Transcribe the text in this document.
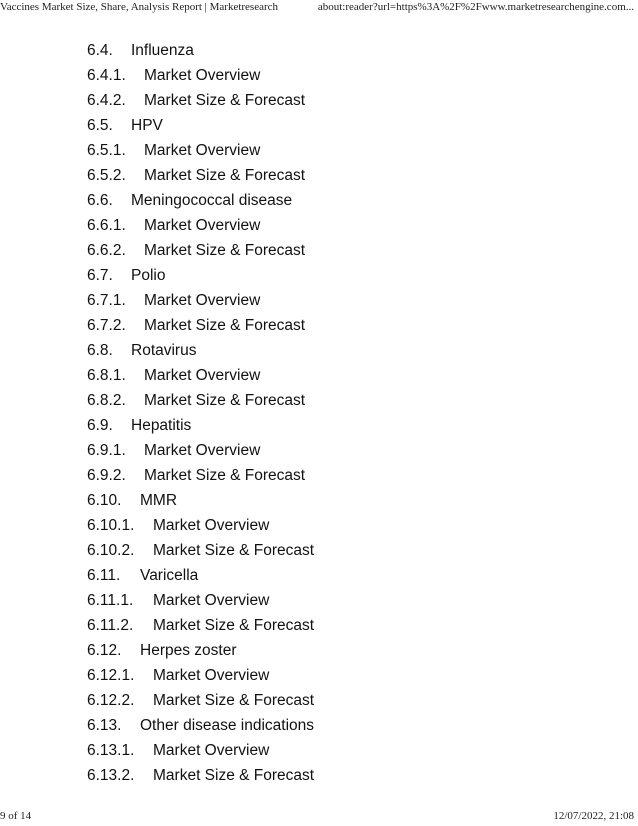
Vaccines Market Size, Share, Analysis Report | Marketresearch	about:reader?url=https%3A%2F%2Fwww.marketresearchengine.com...
6.4. Influenza
6.4.1. Market Overview
6.4.2. Market Size & Forecast
6.5. HPV
6.5.1. Market Overview
6.5.2. Market Size & Forecast
6.6. Meningococcal disease
6.6.1. Market Overview
6.6.2. Market Size & Forecast
6.7. Polio
6.7.1. Market Overview
6.7.2. Market Size & Forecast
6.8. Rotavirus
6.8.1. Market Overview
6.8.2. Market Size & Forecast
6.9. Hepatitis
6.9.1. Market Overview
6.9.2. Market Size & Forecast
6.10. MMR
6.10.1. Market Overview
6.10.2. Market Size & Forecast
6.11. Varicella
6.11.1. Market Overview
6.11.2. Market Size & Forecast
6.12. Herpes zoster
6.12.1. Market Overview
6.12.2. Market Size & Forecast
6.13. Other disease indications
6.13.1. Market Overview
6.13.2. Market Size & Forecast
9 of 14	12/07/2022, 21:08
